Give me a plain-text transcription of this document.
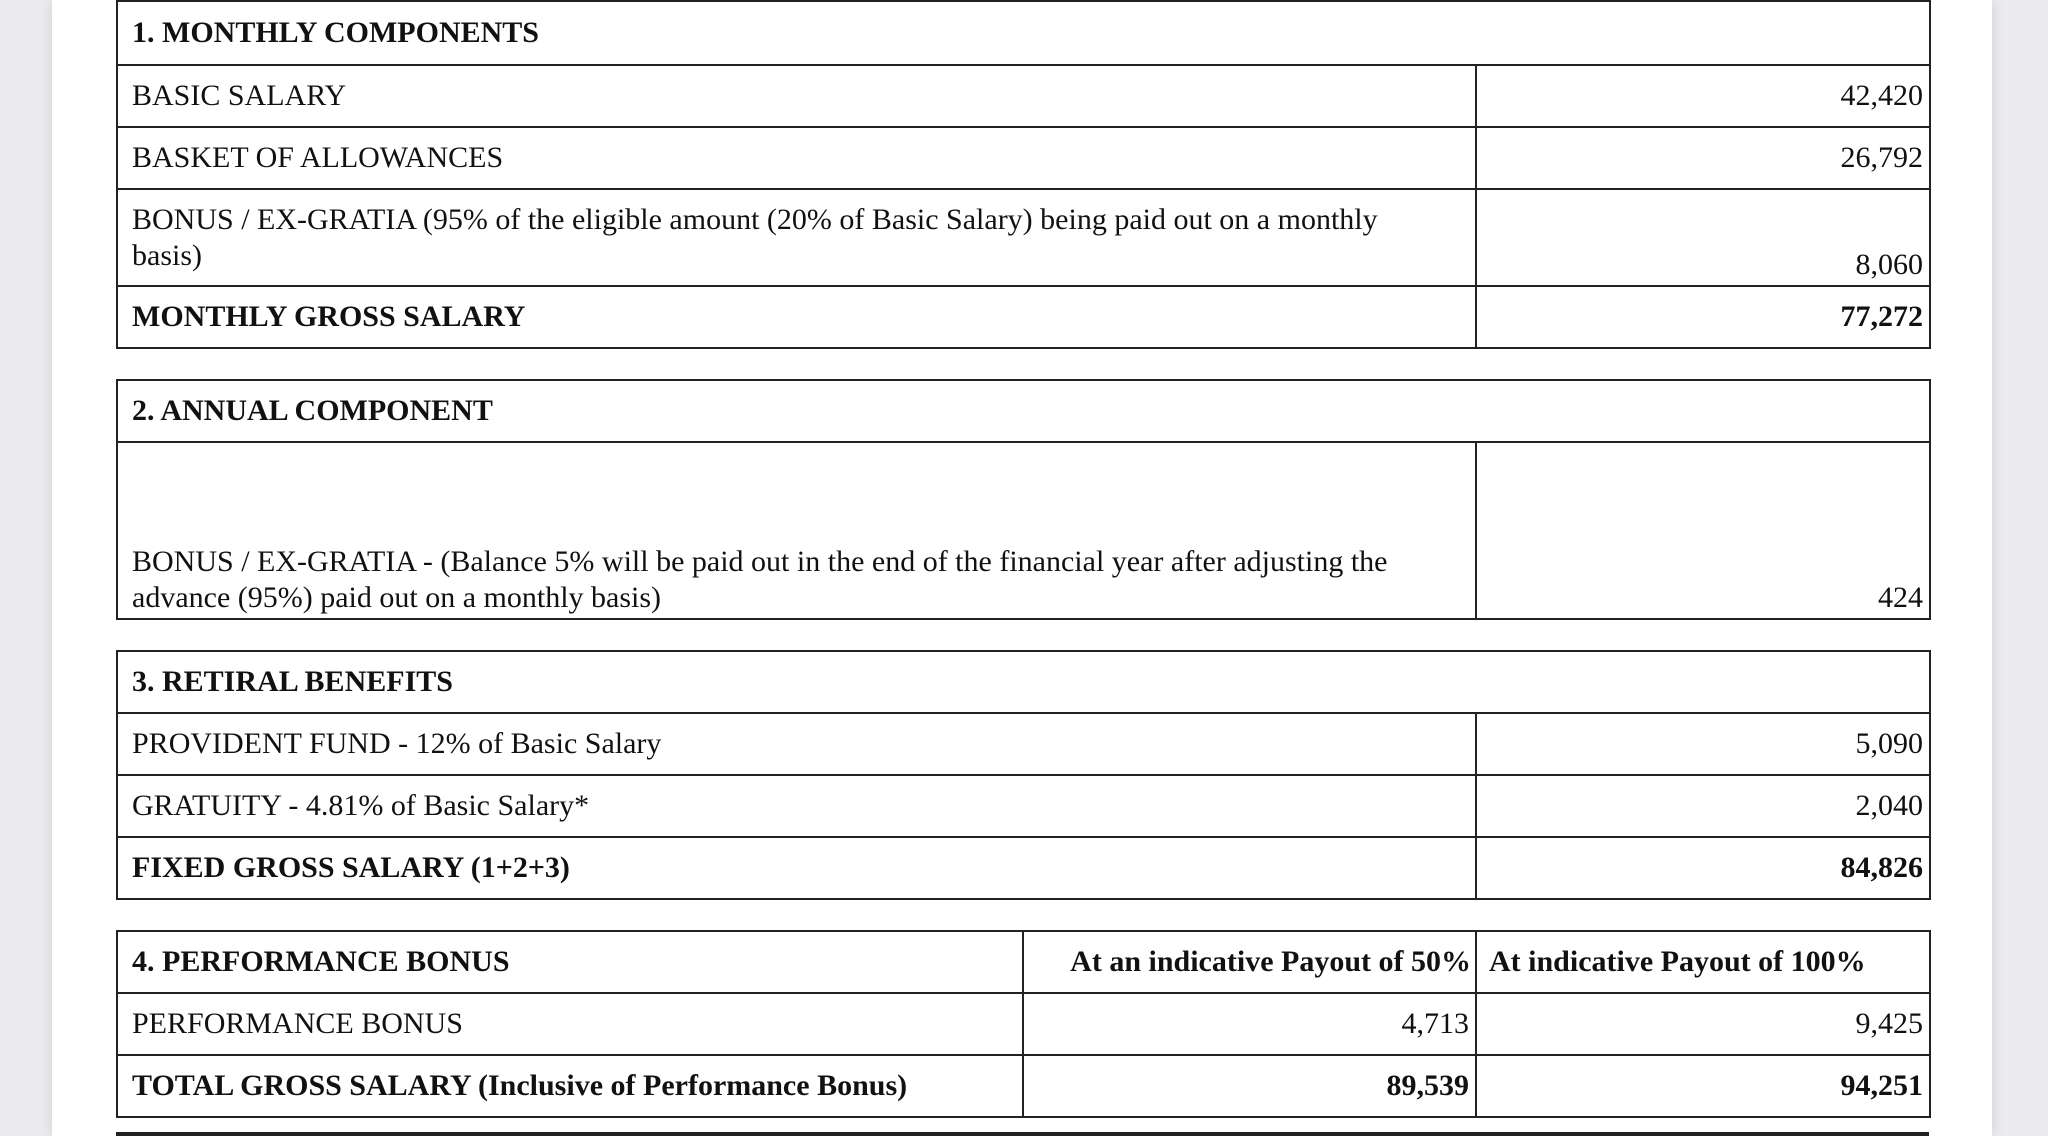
1. MONTHLY COMPONENTS	
BASIC SALARY	42,420
BASKET OF ALLOWANCES	26,792
BONUS / EX-GRATIA (95% of the eligible amount (20% of Basic Salary) being paid out on a monthly basis)	8,060
MONTHLY GROSS SALARY	77,272
2. ANNUAL COMPONENT
BONUS / EX-GRATIA - (Balance 5% will be paid out in the end of the financial year after adjusting the advance (95%) paid out on a monthly basis)	424
3. RETIRAL BENEFITS	
PROVIDENT FUND - 12% of Basic Salary	5,090
GRATUITY - 4.81% of Basic Salary*	2,040
FIXED GROSS SALARY (1+2+3)	84,826
4. PERFORMANCE BONUS	At an indicative Payout of 50%	At indicative Payout of 100%
PERFORMANCE BONUS	4,713	9,425
TOTAL GROSS SALARY (Inclusive of Performance Bonus)	89,539	94,251
